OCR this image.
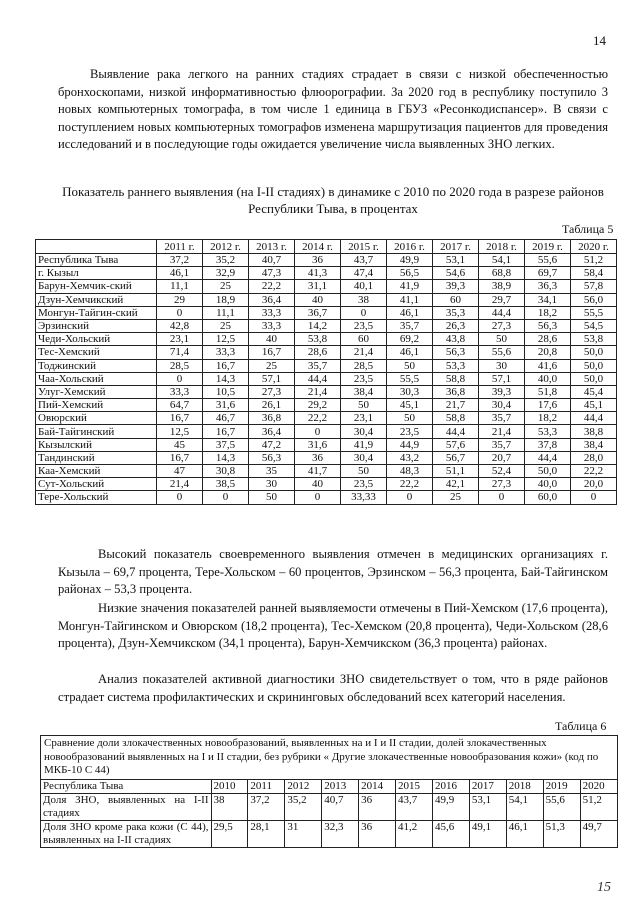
14

Выявление рака легкого на ранних стадиях страдает в связи с низкой обеспеченностью бронхоскопами, низкой информативностью флюорографии. За 2020 год в республику поступило 3 новых компьютерных томографа, в том числе 1 единица в ГБУЗ «Ресонкодиспансер». В связи с поступлением новых компьютерных томографов изменена маршрутизация пациентов для проведения исследований и в последующие годы ожидается увеличение числа выявленных ЗНО легких.

Показатель раннего выявления (на I-II стадиях) в динамике с 2010 по 2020 года в разрезе районов Республики Тыва, в процентах

Таблица 5
	2011 г.	2012 г.	2013 г.	2014 г.	2015 г.	2016 г.	2017 г.	2018 г.	2019 г.	2020 г.
Республика Тыва	37,2	35,2	40,7	36	43,7	49,9	53,1	54,1	55,6	51,2
г. Кызыл	46,1	32,9	47,3	41,3	47,4	56,5	54,6	68,8	69,7	58,4
Барун-Хемчик-ский	11,1	25	22,2	31,1	40,1	41,9	39,3	38,9	36,3	57,8
Дзун-Хемчикский	29	18,9	36,4	40	38	41,1	60	29,7	34,1	56,0
Монгун-Тайгин-ский	0	11,1	33,3	36,7	0	46,1	35,3	44,4	18,2	55,5
Эрзинский	42,8	25	33,3	14,2	23,5	35,7	26,3	27,3	56,3	54,5
Чеди-Хольский	23,1	12,5	40	53,8	60	69,2	43,8	50	28,6	53,8
Тес-Хемский	71,4	33,3	16,7	28,6	21,4	46,1	56,3	55,6	20,8	50,0
Тоджинский	28,5	16,7	25	35,7	28,5	50	53,3	30	41,6	50,0
Чаа-Хольский	0	14,3	57,1	44,4	23,5	55,5	58,8	57,1	40,0	50,0
Улуг-Хемский	33,3	10,5	27,3	21,4	38,4	30,3	36,8	39,3	51,8	45,4
Пий-Хемский	64,7	31,6	26,1	29,2	50	45,1	21,7	30,4	17,6	45,1
Овюрский	16,7	46,7	36,8	22,2	23,1	50	58,8	35,7	18,2	44,4
Бай-Тайгинский	12,5	16,7	36,4	0	30,4	23,5	44,4	21,4	53,3	38,8
Кызылский	45	37,5	47,2	31,6	41,9	44,9	57,6	35,7	37,8	38,4
Тандинский	16,7	14,3	56,3	36	30,4	43,2	56,7	20,7	44,4	28,0
Каа-Хемский	47	30,8	35	41,7	50	48,3	51,1	52,4	50,0	22,2
Сут-Хольский	21,4	38,5	30	40	23,5	22,2	42,1	27,3	40,0	20,0
Тере-Хольский	0	0	50	0	33,33	0	25	0	60,0	0

Высокий показатель своевременного выявления отмечен в медицинских организациях г. Кызыла – 69,7 процента, Тере-Хольском – 60 процентов, Эрзинском – 56,3 процента, Бай-Тайгинском районах – 53,3 процента.

Низкие значения показателей ранней выявляемости отмечены в Пий-Хемском (17,6 процента), Монгун-Тайгинском и Овюрском (18,2 процента), Тес-Хемском (20,8 процента), Чеди-Хольском (28,6 процента), Дзун-Хемчикском (34,1 процента), Барун-Хемчикском (36,3 процента) районах.

Анализ показателей активной диагностики ЗНО свидетельствует о том, что в ряде районов страдает система профилактических и скрининговых обследований всех категорий населения.

Таблица 6
Сравнение доли злокачественных новообразований, выявленных на и I и II стадии, долей злокачественных новообразований выявленных на I и II стадии, без рубрики « Другие злокачественные новообразования кожи» (код по МКБ-10 С 44)
Республика Тыва	2010	2011	2012	2013	2014	2015	2016	2017	2018	2019	2020
Доля ЗНО, выявленных на I-II стадиях	38	37,2	35,2	40,7	36	43,7	49,9	53,1	54,1	55,6	51,2
Доля ЗНО кроме рака кожи (С 44), выявленных на I-II стадиях	29,5	28,1	31	32,3	36	41,2	45,6	49,1	46,1	51,3	49,7
15
